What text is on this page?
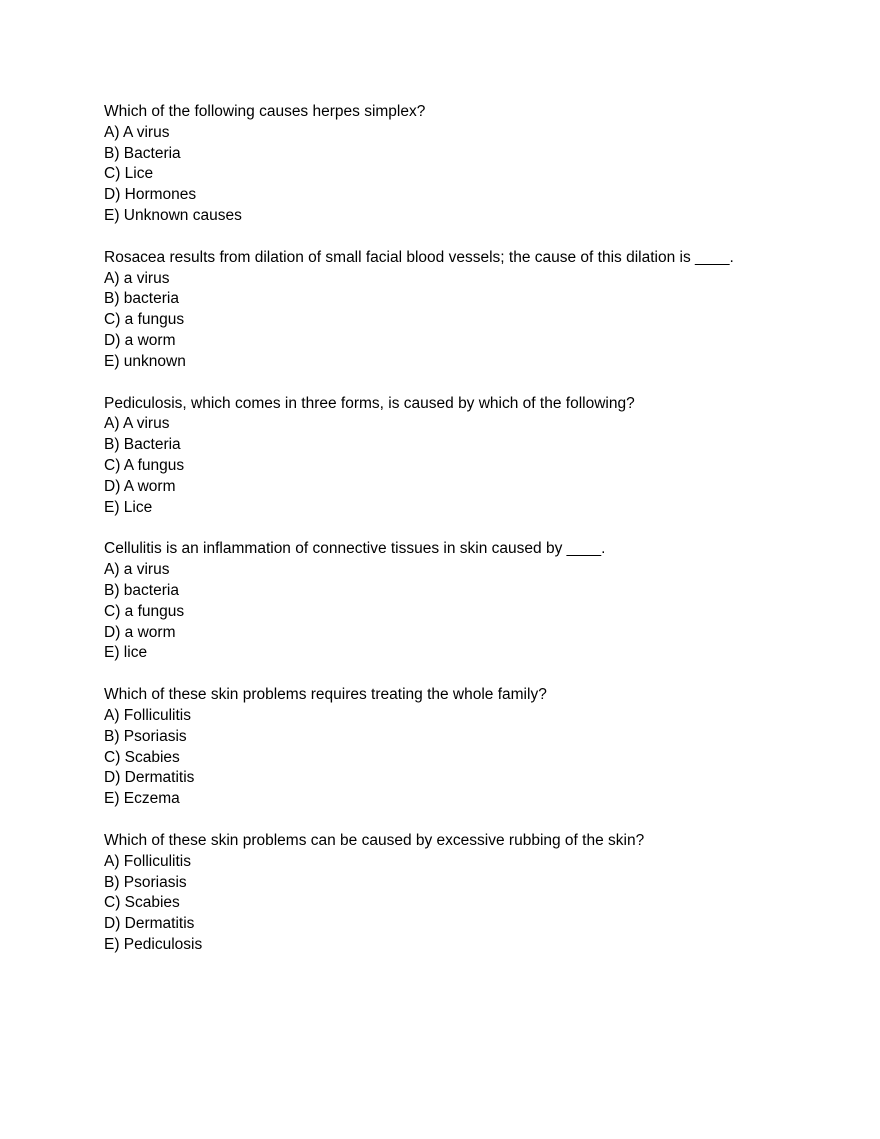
Which of the following causes herpes simplex?
A) A virus
B) Bacteria
C) Lice
D) Hormones
E) Unknown causes
Rosacea results from dilation of small facial blood vessels; the cause of this dilation is ____.
A) a virus
B) bacteria
C) a fungus
D) a worm
E) unknown
Pediculosis, which comes in three forms, is caused by which of the following?
A) A virus
B) Bacteria
C) A fungus
D) A worm
E) Lice
Cellulitis is an inflammation of connective tissues in skin caused by ____.
A) a virus
B) bacteria
C) a fungus
D) a worm
E) lice
Which of these skin problems requires treating the whole family?
A) Folliculitis
B) Psoriasis
C) Scabies
D) Dermatitis
E) Eczema
Which of these skin problems can be caused by excessive rubbing of the skin?
A) Folliculitis
B) Psoriasis
C) Scabies
D) Dermatitis
E) Pediculosis
